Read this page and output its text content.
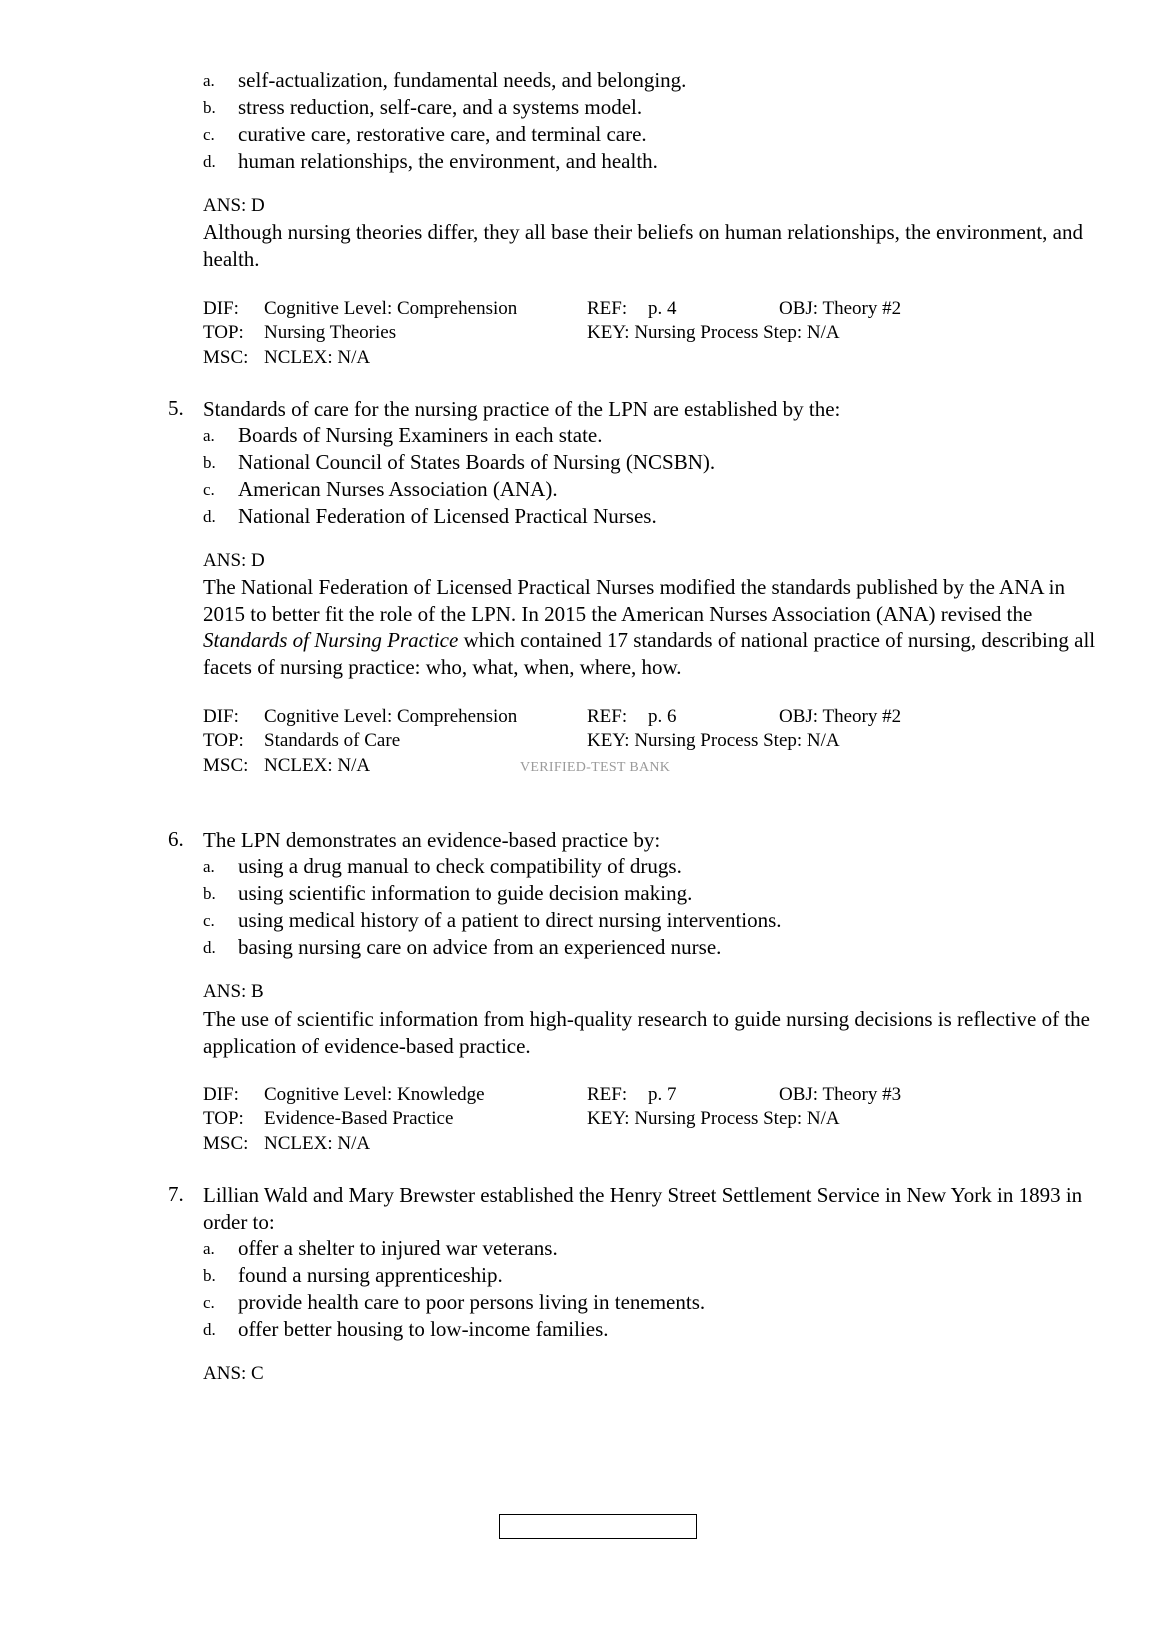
a. self-actualization, fundamental needs, and belonging.
b. stress reduction, self-care, and a systems model.
c. curative care, restorative care, and terminal care.
d. human relationships, the environment, and health.
ANS: D
Although nursing theories differ, they all base their beliefs on human relationships, the environment, and health.
DIF: Cognitive Level: Comprehension	REF: p. 4	OBJ: Theory #2
TOP: Nursing Theories	KEY: Nursing Process Step: N/A
MSC: NCLEX: N/A
5. Standards of care for the nursing practice of the LPN are established by the:
a. Boards of Nursing Examiners in each state.
b. National Council of States Boards of Nursing (NCSBN).
c. American Nurses Association (ANA).
d. National Federation of Licensed Practical Nurses.
ANS: D
The National Federation of Licensed Practical Nurses modified the standards published by the ANA in 2015 to better fit the role of the LPN. In 2015 the American Nurses Association (ANA) revised the Standards of Nursing Practice which contained 17 standards of national practice of nursing, describing all facets of nursing practice: who, what, when, where, how.
DIF: Cognitive Level: Comprehension	REF: p. 6	OBJ: Theory #2
TOP: Standards of Care	KEY: Nursing Process Step: N/A
MSC: NCLEX: N/A	VERIFIED-TEST BANK
6. The LPN demonstrates an evidence-based practice by:
a. using a drug manual to check compatibility of drugs.
b. using scientific information to guide decision making.
c. using medical history of a patient to direct nursing interventions.
d. basing nursing care on advice from an experienced nurse.
ANS: B
The use of scientific information from high-quality research to guide nursing decisions is reflective of the application of evidence-based practice.
DIF: Cognitive Level: Knowledge	REF: p. 7	OBJ: Theory #3
TOP: Evidence-Based Practice	KEY: Nursing Process Step: N/A
MSC: NCLEX: N/A
7. Lillian Wald and Mary Brewster established the Henry Street Settlement Service in New York in 1893 in order to:
a. offer a shelter to injured war veterans.
b. found a nursing apprenticeship.
c. provide health care to poor persons living in tenements.
d. offer better housing to low-income families.
ANS: C
